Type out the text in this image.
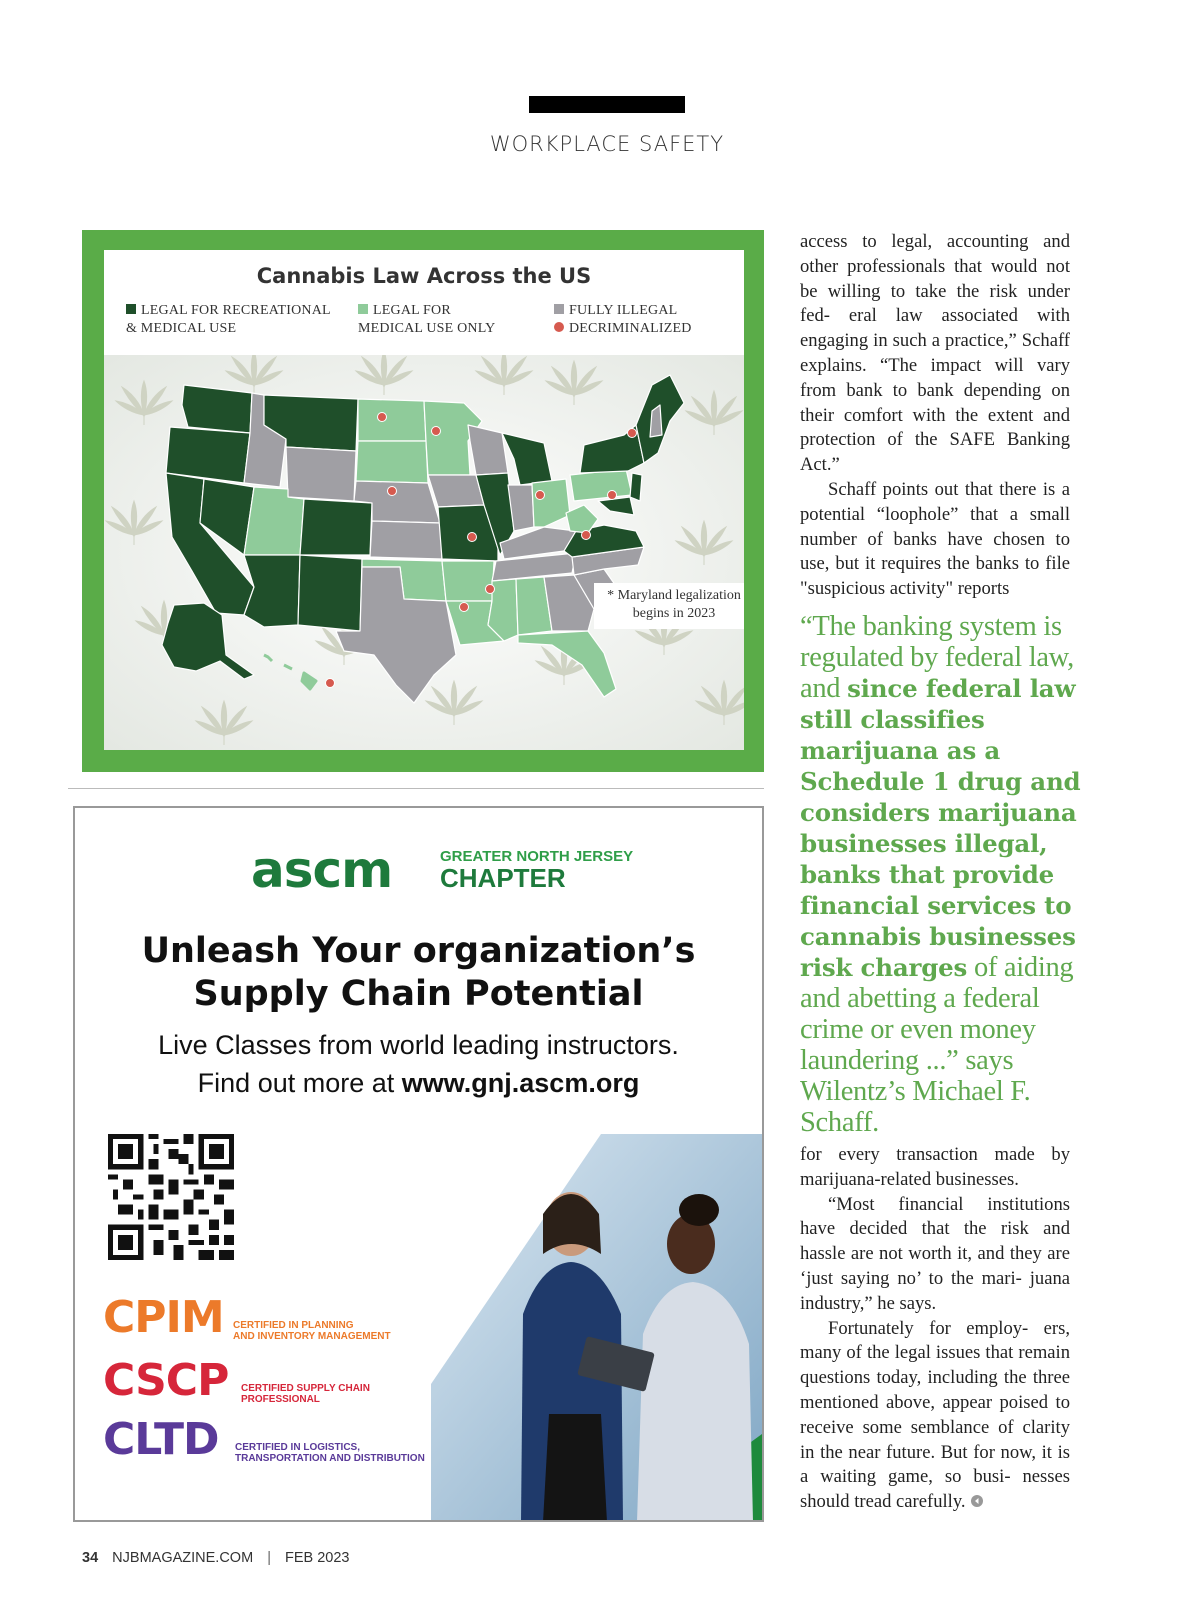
WORKPLACE SAFETY
Cannabis Law Across the US
LEGAL FOR RECREATIONAL
& MEDICAL USE
LEGAL FOR
MEDICAL USE ONLY
FULLY ILLEGAL
DECRIMINALIZED
* Maryland legalization
begins in 2023
ascm	GREATER NORTH JERSEY
CHAPTER
Unleash Your organization’s
Supply Chain Potential
Live Classes from world leading instructors.
Find out more at www.gnj.ascm.org
CPIM CERTIFIED IN PLANNING
AND INVENTORY MANAGEMENT
CSCP CERTIFIED SUPPLY CHAIN
PROFESSIONAL
CLTD CERTIFIED IN LOGISTICS,
TRANSPORTATION AND DISTRIBUTION

access to legal, accounting and other professionals that would not be willing to take the risk under fed- eral law associated with engaging in such a practice,” Schaff explains. “The impact will vary from bank to bank depending on their comfort with the extent and protection of the SAFE Banking Act.”

Schaff points out that there is a potential “loophole” that a small number of banks have chosen to use, but it requires the banks to file "suspicious activity" reports

“The banking system is regulated by federal law, and since federal law still classifies marijuana as a Schedule 1 drug and considers marijuana businesses illegal, banks that provide financial services to cannabis businesses risk charges of aiding and abetting a federal crime or even money laundering ...” says Wilentz’s Michael F. Schaff.

for every transaction made by marijuana-related businesses.

“Most financial institutions have decided that the risk and hassle are not worth it, and they are ‘just saying no’ to the mari- juana industry,” he says.

Fortunately for employ- ers, many of the legal issues that remain questions today, including the three mentioned above, appear poised to receive some semblance of clarity in the near future. But for now, it is a waiting game, so busi- nesses should tread carefully.

34 NJBMAGAZINE.COM | FEB 2023
